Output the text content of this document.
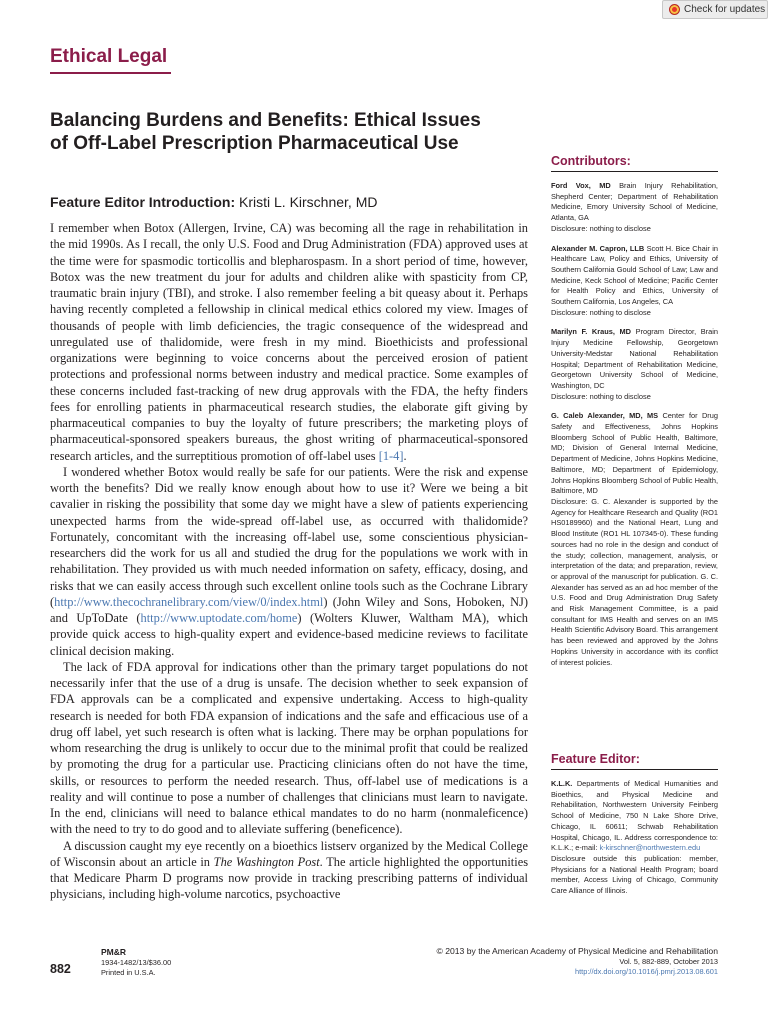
Check for updates
Ethical Legal
Balancing Burdens and Benefits: Ethical Issues of Off-Label Prescription Pharmaceutical Use
Feature Editor Introduction: Kristi L. Kirschner, MD

I remember when Botox (Allergen, Irvine, CA) was becoming all the rage in rehabilitation in the mid 1990s. As I recall, the only U.S. Food and Drug Administration (FDA) approved uses at the time were for spasmodic torticollis and blepharospasm. In a short period of time, however, Botox was the new treatment du jour for adults and children alike with spasticity from CP, traumatic brain injury (TBI), and stroke. I also remember feeling a bit queasy about it. Perhaps having recently completed a fellowship in clinical medical ethics colored my view. Images of thousands of people with limb deficiencies, the tragic consequence of the widespread and unregulated use of thalidomide, were fresh in my mind. Bioethicists and professional organizations were beginning to voice concerns about the perceived erosion of patient protections and professional norms between industry and medical practice. Some examples of these concerns included fast-tracking of new drug approvals with the FDA, the hefty finders fees for enrolling patients in pharmaceutical research studies, the elaborate gift giving by pharmaceutical companies to buy the loyalty of future prescribers; the marketing ploys of pharmaceutical-sponsored speakers bureaus, the ghost writing of pharmaceutical-sponsored research articles, and the surreptitious promotion of off-label uses [1-4].

I wondered whether Botox would really be safe for our patients. Were the risk and expense worth the benefits? Did we really know enough about how to use it? Were we being a bit cavalier in risking the possibility that some day we might have a slew of patients experiencing unexpected harms from the wide-spread off-label use, as occurred with thalidomide? Fortunately, concomitant with the increasing off-label use, some conscientious physician-researchers did the work for us all and studied the drug for the populations we work with in rehabilitation. They provided us with much needed information on safety, efficacy, dosing, and risks that we can easily access through such excellent online tools such as the Cochrane Library (http://www.thecochranelibrary.com/view/0/index.html) (John Wiley and Sons, Hoboken, NJ) and UpToDate (http://www.uptodate.com/home) (Wolters Kluwer, Waltham MA), which provide quick access to high-quality expert and evidence-based medicine reviews to facilitate clinical decision making.

The lack of FDA approval for indications other than the primary target populations do not necessarily infer that the use of a drug is unsafe. The decision whether to seek expansion of FDA approvals can be a complicated and expensive undertaking. Access to high-quality research is needed for both FDA expansion of indications and the safe and efficacious use of a drug off label, yet such research is often what is lacking. There may be orphan populations for whom researching the drug is unlikely to occur due to the minimal profit that could be realized by promoting the drug for a particular use. Practicing clinicians often do not have the time, skills, or resources to perform the needed research. Thus, off-label use of medications is a reality and will continue to pose a number of challenges that clinicians must learn to navigate. In the end, clinicians will need to balance ethical mandates to do no harm (nonmaleficence) with the need to try to do good and to alleviate suffering (beneficence).

A discussion caught my eye recently on a bioethics listserv organized by the Medical College of Wisconsin about an article in The Washington Post. The article highlighted the opportunities that Medicare Pharm D programs now provide in tracking prescribing patterns of individual physicians, including high-volume narcotics, psychoactive

Contributors:
Ford Vox, MD Brain Injury Rehabilitation, Shepherd Center; Department of Rehabilitation Medicine, Emory University School of Medicine, Atlanta, GA
Disclosure: nothing to disclose
Alexander M. Capron, LLB Scott H. Bice Chair in Healthcare Law, Policy and Ethics, University of Southern California Gould School of Law; Law and Medicine, Keck School of Medicine; Pacific Center for Health Policy and Ethics, University of Southern California, Los Angeles, CA
Disclosure: nothing to disclose
Marilyn F. Kraus, MD Program Director, Brain Injury Medicine Fellowship, Georgetown University-Medstar National Rehabilitation Hospital; Department of Rehabilitation Medicine, Georgetown University School of Medicine, Washington, DC
Disclosure: nothing to disclose
G. Caleb Alexander, MD, MS Center for Drug Safety and Effectiveness, Johns Hopkins Bloomberg School of Public Health, Baltimore, MD; Division of General Internal Medicine, Department of Medicine, Johns Hopkins Medicine, Baltimore, MD; Department of Epidemiology, Johns Hopkins Bloomberg School of Public Health, Baltimore, MD
Disclosure: G. C. Alexander is supported by the Agency for Healthcare Research and Quality (RO1 HS0189960) and the National Heart, Lung and Blood Institute (RO1 HL 107345-0). These funding sources had no role in the design and conduct of the study; collection, management, analysis, or interpretation of the data; and preparation, review, or approval of the manuscript for publication. G. C. Alexander has served as an ad hoc member of the U.S. Food and Drug Administration Drug Safety and Risk Management Committee, is a paid consultant for IMS Health and serves on an IMS Health Scientific Advisory Board. This arrangement has been reviewed and approved by the Johns Hopkins University in accordance with its conflict of interest policies.
Feature Editor:
K.L.K. Departments of Medical Humanities and Bioethics, and Physical Medicine and Rehabilitation, Northwestern University Feinberg School of Medicine, 750 N Lake Shore Drive, Chicago, IL 60611; Schwab Rehabilitation Hospital, Chicago, IL. Address correspondence to: K.L.K.; e-mail: k-kirschner@northwestern.edu
Disclosure outside this publication: member, Physicians for a National Health Program; board member, Access Living of Chicago, Community Care Alliance of Illinois.
882
PM&R
1934-1482/13/$36.00
Printed in U.S.A.
© 2013 by the American Academy of Physical Medicine and Rehabilitation
Vol. 5, 882-889, October 2013
http://dx.doi.org/10.1016/j.pmrj.2013.08.601
